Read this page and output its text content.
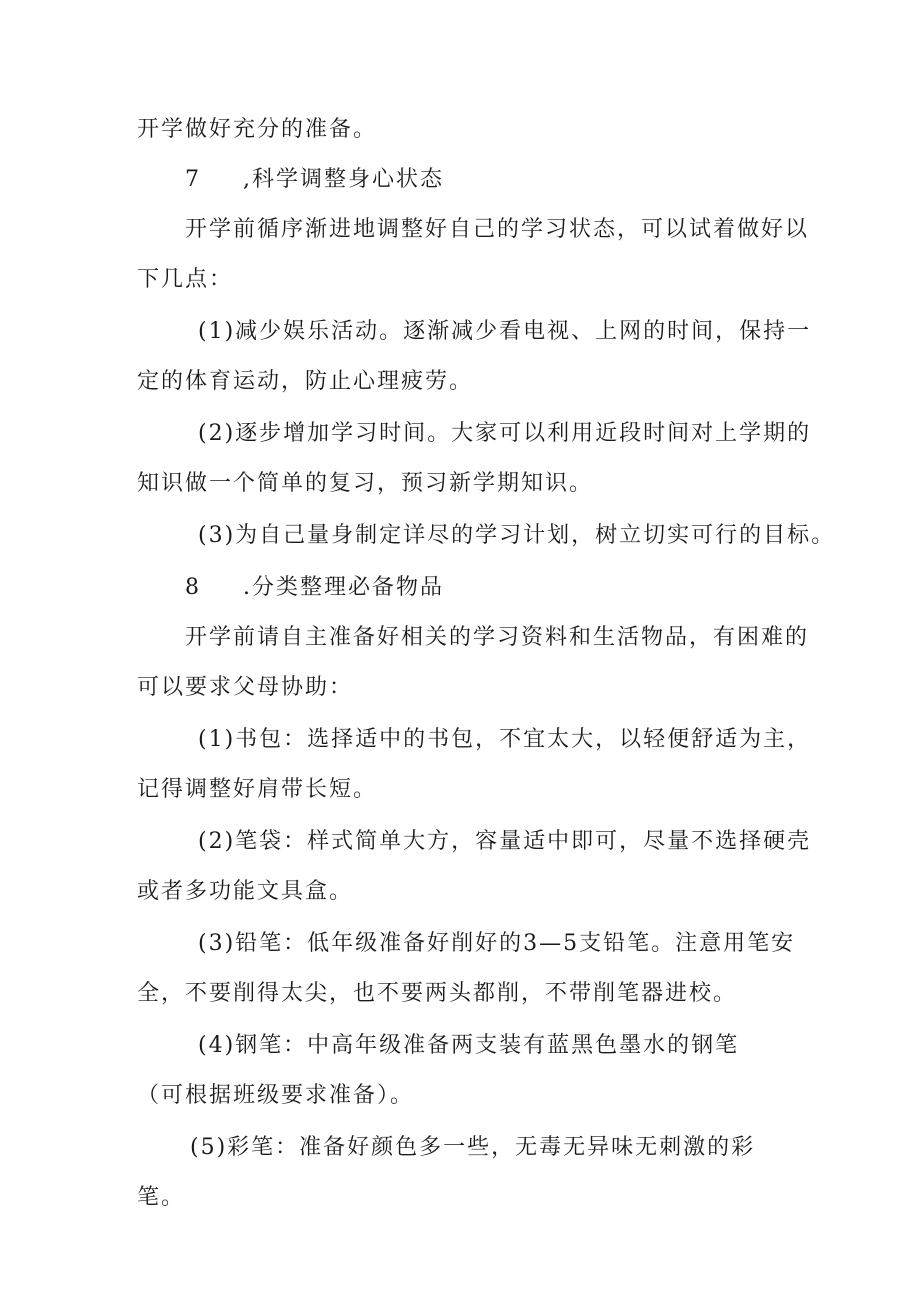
开学做好充分的准备。
7 ,科学调整身心状态
开学前循序渐进地调整好自己的学习状态，可以试着做好以
下几点：
(1)减少娱乐活动。逐渐减少看电视、上网的时间，保持一
定的体育运动，防止心理疲劳。
(2)逐步增加学习时间。大家可以利用近段时间对上学期的
知识做一个简单的复习，预习新学期知识。
(3)为自己量身制定详尽的学习计划，树立切实可行的目标。
8 .分类整理必备物品
开学前请自主准备好相关的学习资料和生活物品，有困难的
可以要求父母协助：
(1)书包：选择适中的书包，不宜太大，以轻便舒适为主，
记得调整好肩带长短。
(2)笔袋：样式简单大方，容量适中即可，尽量不选择硬壳
或者多功能文具盒。
(3)铅笔：低年级准备好削好的3—5支铅笔。注意用笔安
全，不要削得太尖，也不要两头都削，不带削笔器进校。
(4)钢笔：中高年级准备两支装有蓝黑色墨水的钢笔
（可根据班级要求准备）。
(5)彩笔：准备好颜色多一些，无毒无异味无刺激的彩
笔。
